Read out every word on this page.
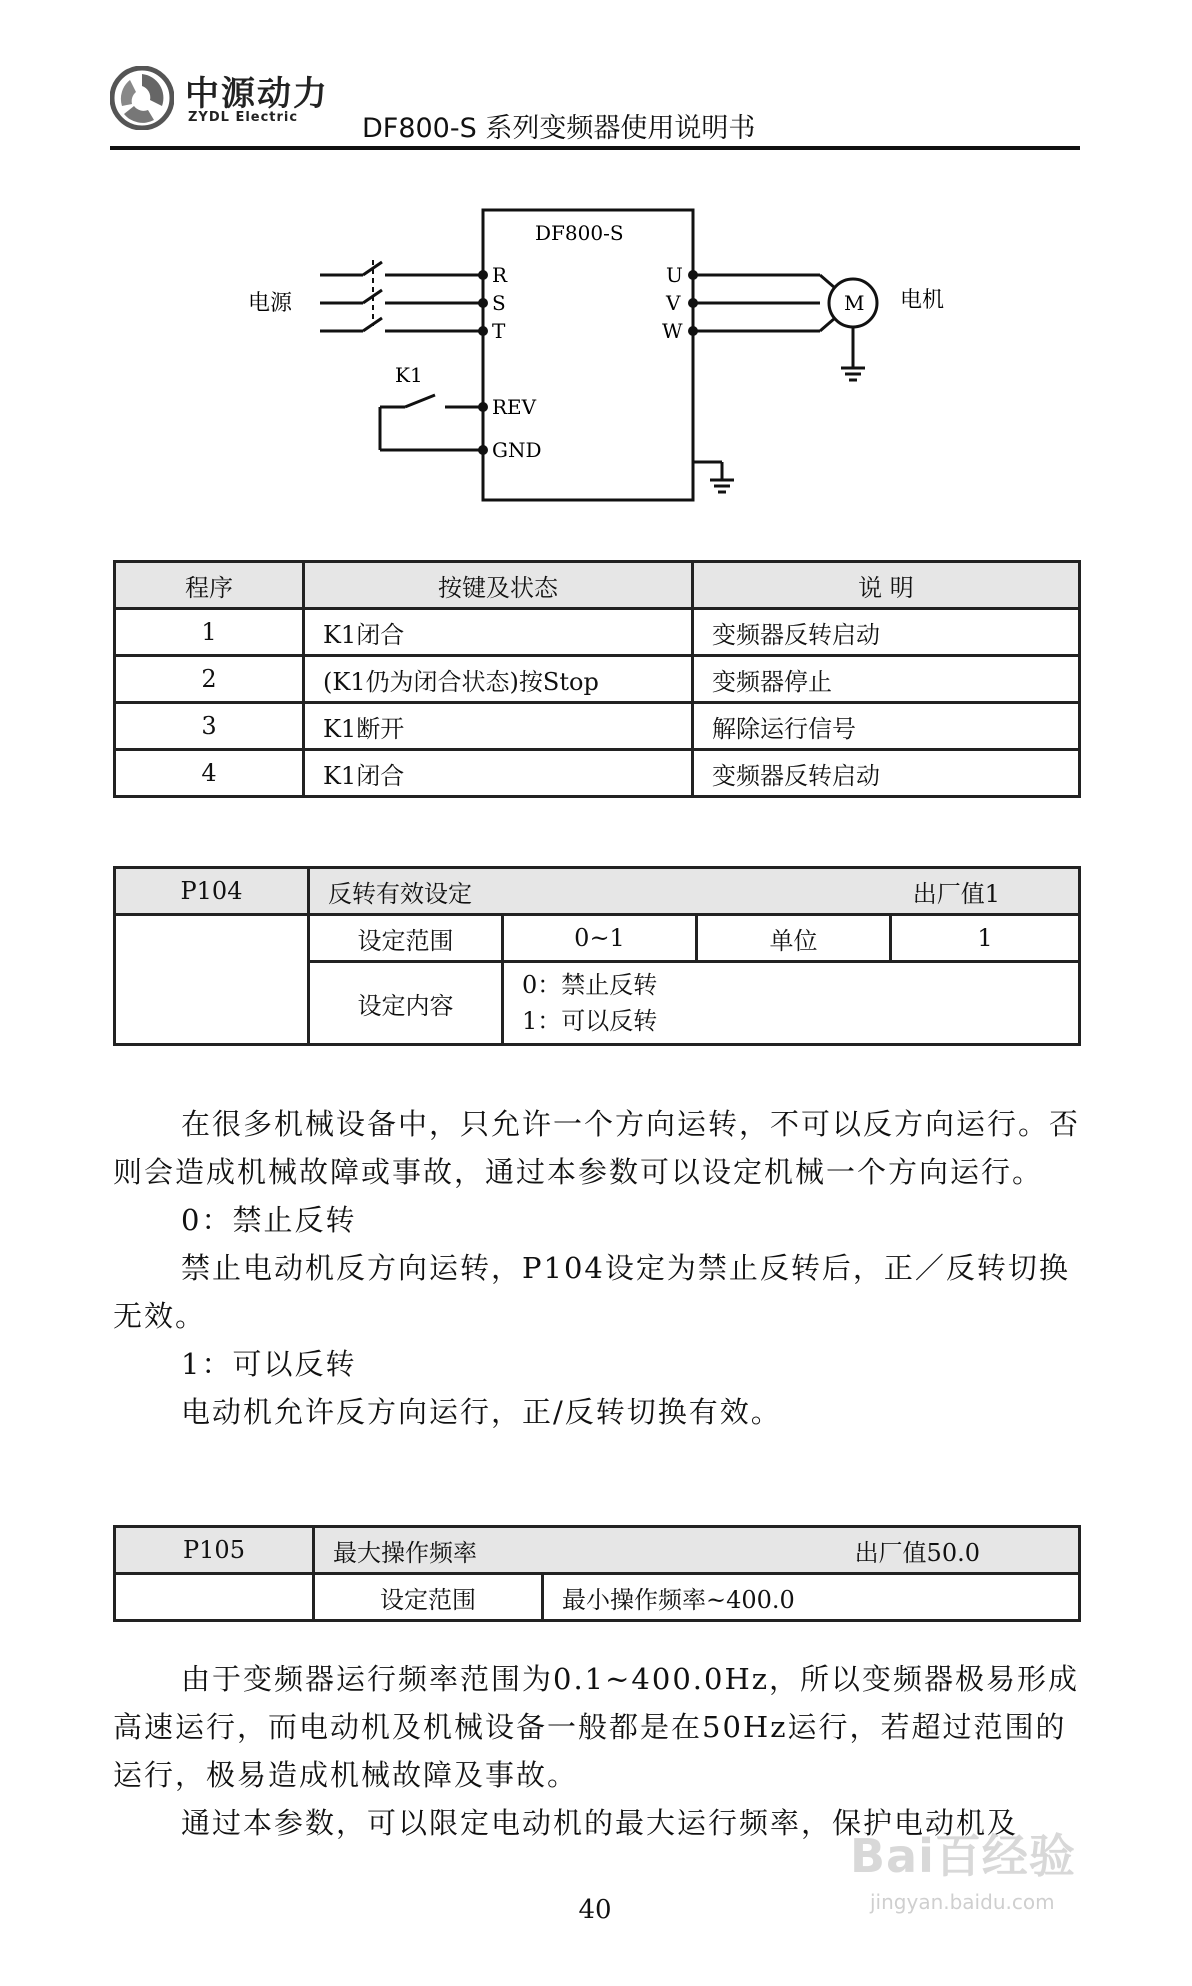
中源动力
ZYDL Electric DF800-S 系列变频器使用说明书
DF800-S
电源
R
S
T
U
V
W
REV
GND
K1
M 电机
程序	按键及状态	说 明
1	K1闭合	变频器反转启动
2	(K1仍为闭合状态)按Stop	变频器停止
3	K1断开	解除运行信号
4	K1闭合	变频器反转启动
P104	反转有效设定 出厂值1			

	设定范围	0~1	单位	1
	设定内容	0：禁止反转
1：可以反转		
在很多机械设备中，只允许一个方向运转，不可以反方向运行。否则会造成机械故障或事故，通过本参数可以设定机械一个方向运行。
0：禁止反转
禁止电动机反方向运转，P104设定为禁止反转后，正／反转切换无效。
1：可以反转
电动机允许反方向运行，正/反转切换有效。
P105	最大操作频率 出厂值50.0	

	设定范围	最小操作频率~400.0
由于变频器运行频率范围为0.1~400.0Hz，所以变频器极易形成高速运行，而电动机及机械设备一般都是在50Hz运行，若超过范围的运行，极易造成机械故障及事故。
通过本参数，可以限定电动机的最大运行频率，保护电动机及
40
Bai百经验
jingyan.baidu.com
